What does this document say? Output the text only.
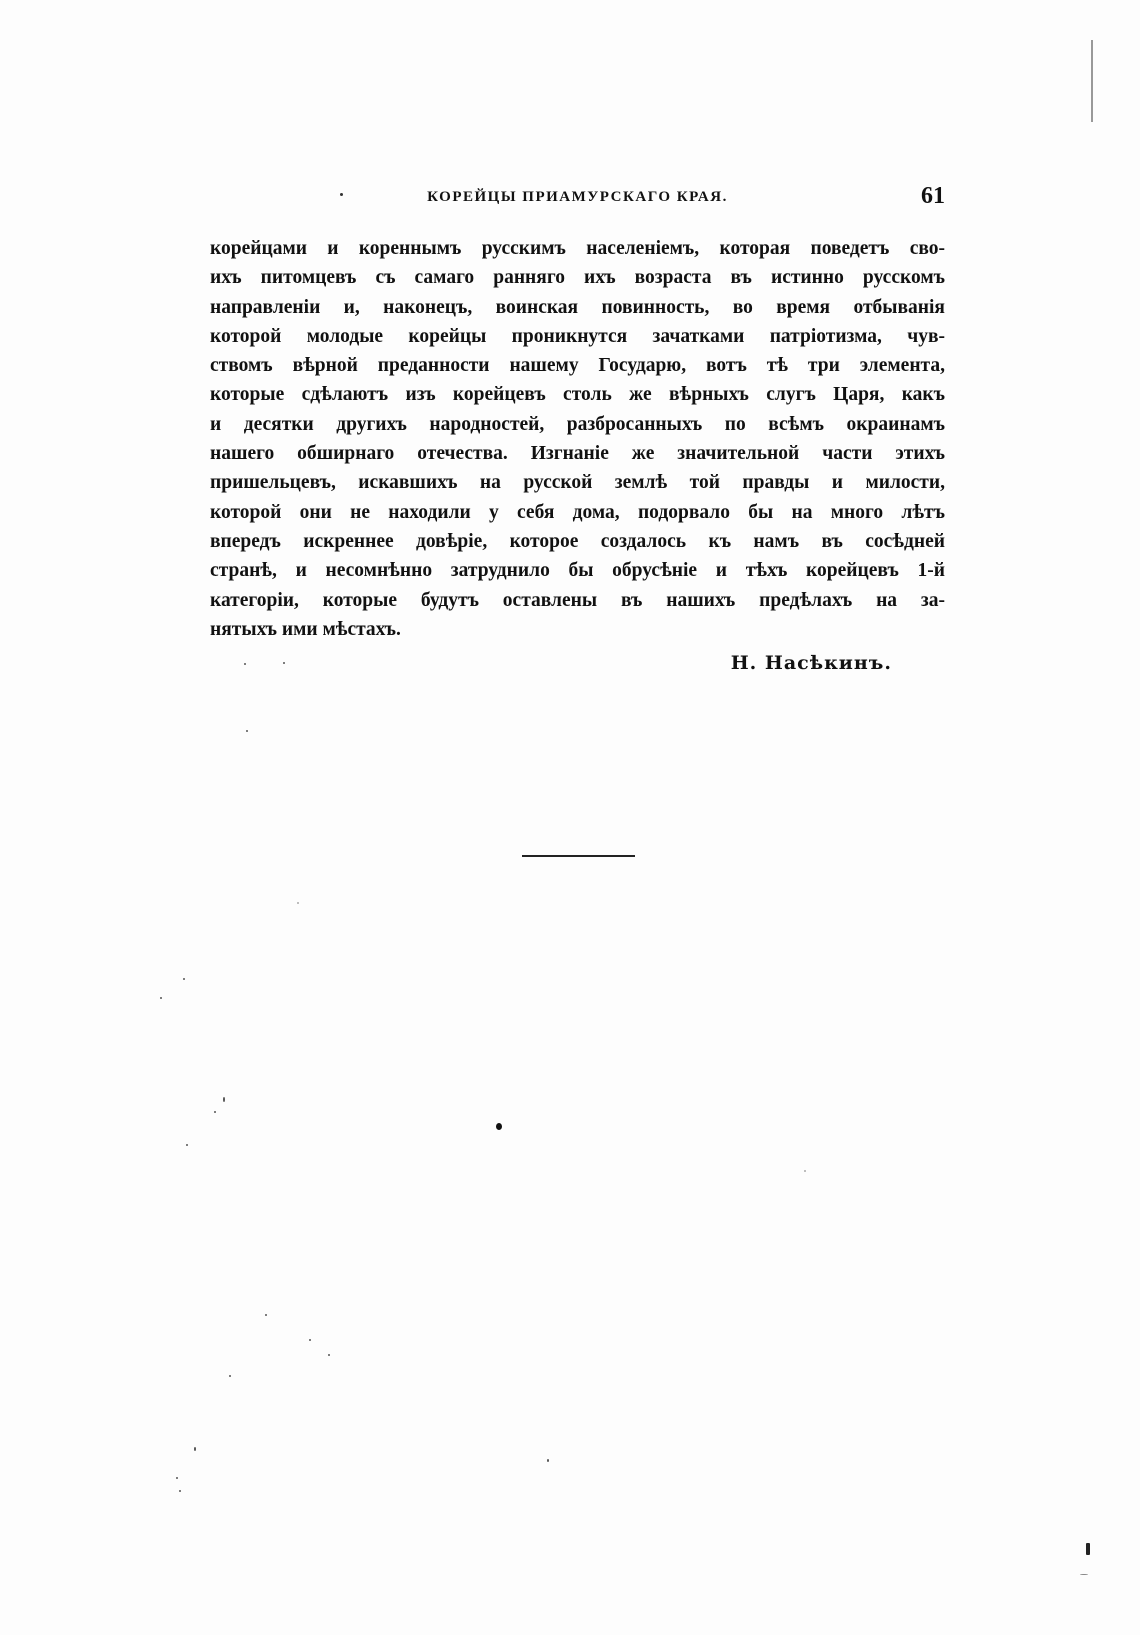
КОРЕЙЦЫ ПРИАМУРСКАГО КРАЯ.	61
корейцами и кореннымъ русскимъ населеніемъ, которая поведетъ сво-
ихъ питомцевъ съ самаго ранняго ихъ возраста въ истинно русскомъ
направленіи и, наконецъ, воинская повинность, во время отбыванія
которой молодые корейцы проникнутся зачатками патріотизма, чув-
ствомъ вѣрной преданности нашему Государю, вотъ тѣ три элемента,
которые сдѣлаютъ изъ корейцевъ столь же вѣрныхъ слугъ Царя, какъ
и десятки другихъ народностей, разбросанныхъ по всѣмъ окраинамъ
нашего обширнаго отечества. Изгнаніе же значительной части этихъ
пришельцевъ, искавшихъ на русской землѣ той правды и милости,
которой они не находили у себя дома, подорвало бы на много лѣтъ
впередъ искреннее довѣріе, которое создалось къ намъ въ сосѣдней
странѣ, и несомнѣнно затруднило бы обрусѣніе и тѣхъ корейцевъ 1-й
категоріи, которые будутъ оставлены въ нашихъ предѣлахъ на за-
нятыхъ ими мѣстахъ.
Н. Насѣкинъ.
